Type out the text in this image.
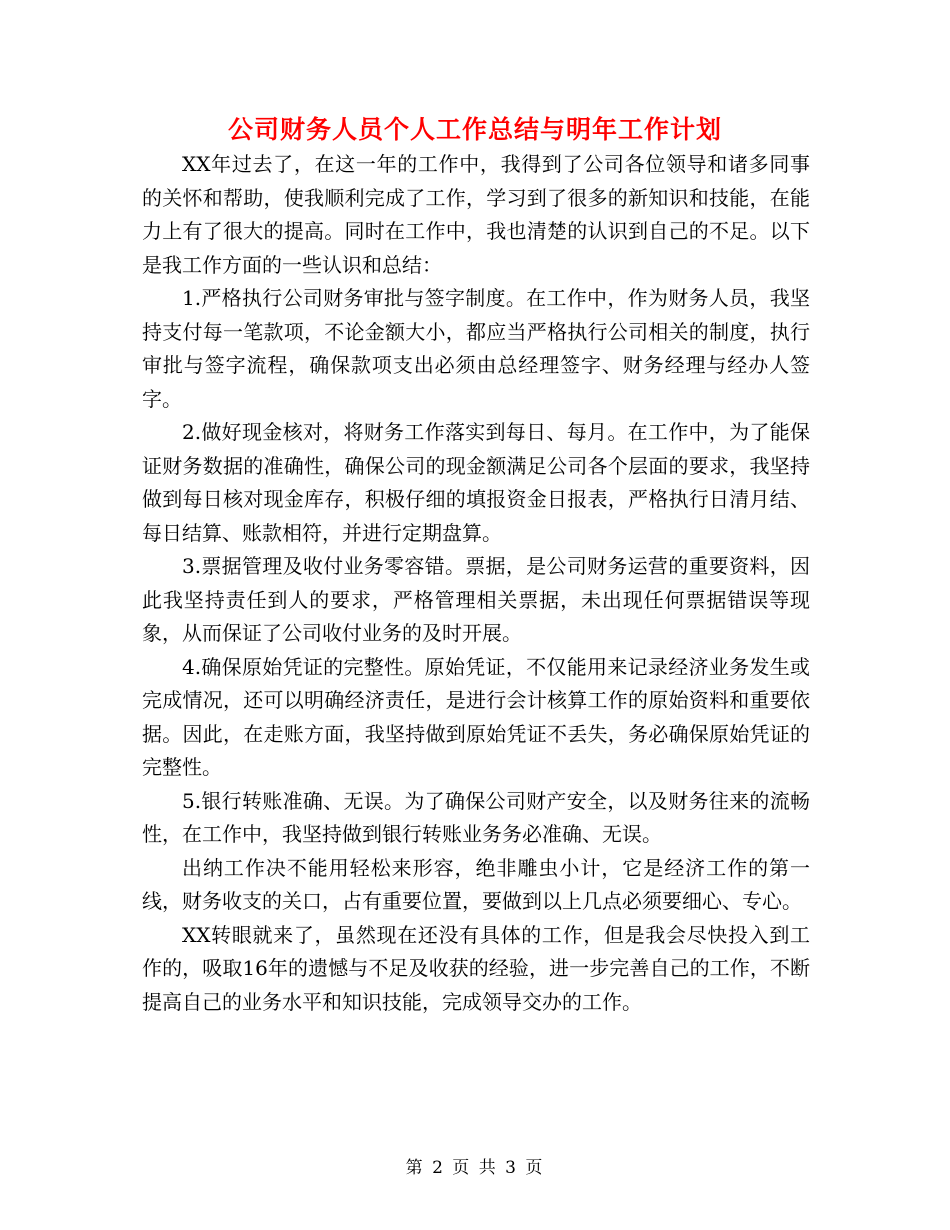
公司财务人员个人工作总结与明年工作计划

XX年过去了，在这一年的工作中，我得到了公司各位领导和诸多同事的关怀和帮助，使我顺利完成了工作，学习到了很多的新知识和技能，在能力上有了很大的提高。同时在工作中，我也清楚的认识到自己的不足。以下是我工作方面的一些认识和总结：

1.严格执行公司财务审批与签字制度。在工作中，作为财务人员，我坚持支付每一笔款项，不论金额大小，都应当严格执行公司相关的制度，执行审批与签字流程，确保款项支出必须由总经理签字、财务经理与经办人签字。

2.做好现金核对，将财务工作落实到每日、每月。在工作中，为了能保证财务数据的准确性，确保公司的现金额满足公司各个层面的要求，我坚持做到每日核对现金库存，积极仔细的填报资金日报表，严格执行日清月结、每日结算、账款相符，并进行定期盘算。

3.票据管理及收付业务零容错。票据，是公司财务运营的重要资料，因此我坚持责任到人的要求，严格管理相关票据，未出现任何票据错误等现象，从而保证了公司收付业务的及时开展。

4.确保原始凭证的完整性。原始凭证，不仅能用来记录经济业务发生或完成情况，还可以明确经济责任，是进行会计核算工作的原始资料和重要依据。因此，在走账方面，我坚持做到原始凭证不丢失，务必确保原始凭证的完整性。

5.银行转账准确、无误。为了确保公司财产安全，以及财务往来的流畅性，在工作中，我坚持做到银行转账业务务必准确、无误。

出纳工作决不能用轻松来形容，绝非雕虫小计，它是经济工作的第一线，财务收支的关口，占有重要位置，要做到以上几点必须要细心、专心。

XX转眼就来了，虽然现在还没有具体的工作，但是我会尽快投入到工作的，吸取16年的遗憾与不足及收获的经验，进一步完善自己的工作，不断提高自己的业务水平和知识技能，完成领导交办的工作。

第 2 页 共 3 页
